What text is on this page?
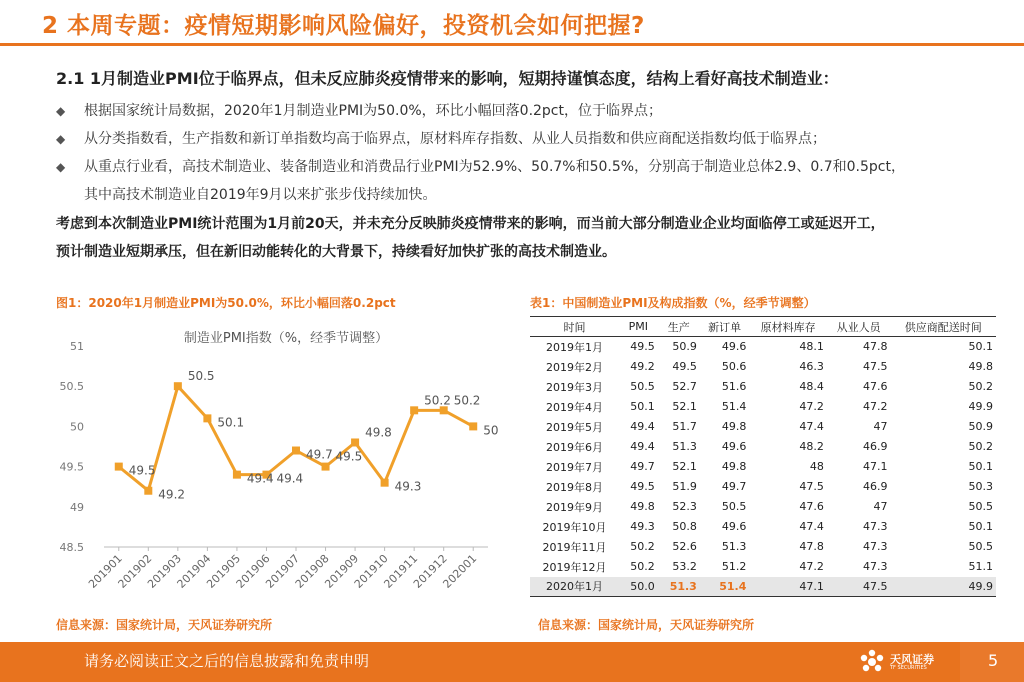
2 本周专题：疫情短期影响风险偏好，投资机会如何把握?
2.1 1月制造业PMI位于临界点，但未反应肺炎疫情带来的影响，短期持谨慎态度，结构上看好高技术制造业：
◆ 根据国家统计局数据，2020年1月制造业PMI为50.0%，环比小幅回落0.2pct，位于临界点；
◆ 从分类指数看，生产指数和新订单指数均高于临界点，原材料库存指数、从业人员指数和供应商配送指数均低于临界点；
◆ 从重点行业看，高技术制造业、装备制造业和消费品行业PMI为52.9%、50.7%和50.5%，分别高于制造业总体2.9、0.7和0.5pct，
其中高技术制造业自2019年9月以来扩张步伐持续加快。
考虑到本次制造业PMI统计范围为1月前20天，并未充分反映肺炎疫情带来的影响，而当前大部分制造业企业均面临停工或延迟开工，
预计制造业短期承压，但在新旧动能转化的大背景下，持续看好加快扩张的高技术制造业。
图1：2020年1月制造业PMI为50.0%，环比小幅回落0.2pct
制造业PMI指数（%，经季节调整）
51
50.5
50
49.5
49
48.5
201901
201902
201903
201904
201905
201906
201907
201908
201909
201910
201911
201912
202001
49.5
49.2
50.5
50.1
49.4 49.4
49.7 49.5
49.8
49.3
50.2 50.2
50
信息来源：国家统计局，天风证券研究所
表1：中国制造业PMI及构成指数（%，经季节调整）
时间	PMI	生产	新订单	原材料库存	从业人员	供应商配送时间
2019年1月	49.5	50.9	49.6	48.1	47.8	50.1
2019年2月	49.2	49.5	50.6	46.3	47.5	49.8
2019年3月	50.5	52.7	51.6	48.4	47.6	50.2
2019年4月	50.1	52.1	51.4	47.2	47.2	49.9
2019年5月	49.4	51.7	49.8	47.4	47	50.9
2019年6月	49.4	51.3	49.6	48.2	46.9	50.2
2019年7月	49.7	52.1	49.8	48	47.1	50.1
2019年8月	49.5	51.9	49.7	47.5	46.9	50.3
2019年9月	49.8	52.3	50.5	47.6	47	50.5
2019年10月	49.3	50.8	49.6	47.4	47.3	50.1
2019年11月	50.2	52.6	51.3	47.8	47.3	50.5
2019年12月	50.2	53.2	51.2	47.2	47.3	51.1
2020年1月	50.0	51.3	51.4	47.1	47.5	49.9
信息来源：国家统计局，天风证券研究所
请务必阅读正文之后的信息披露和免责申明	天风证券
TF SECURITIES	5
